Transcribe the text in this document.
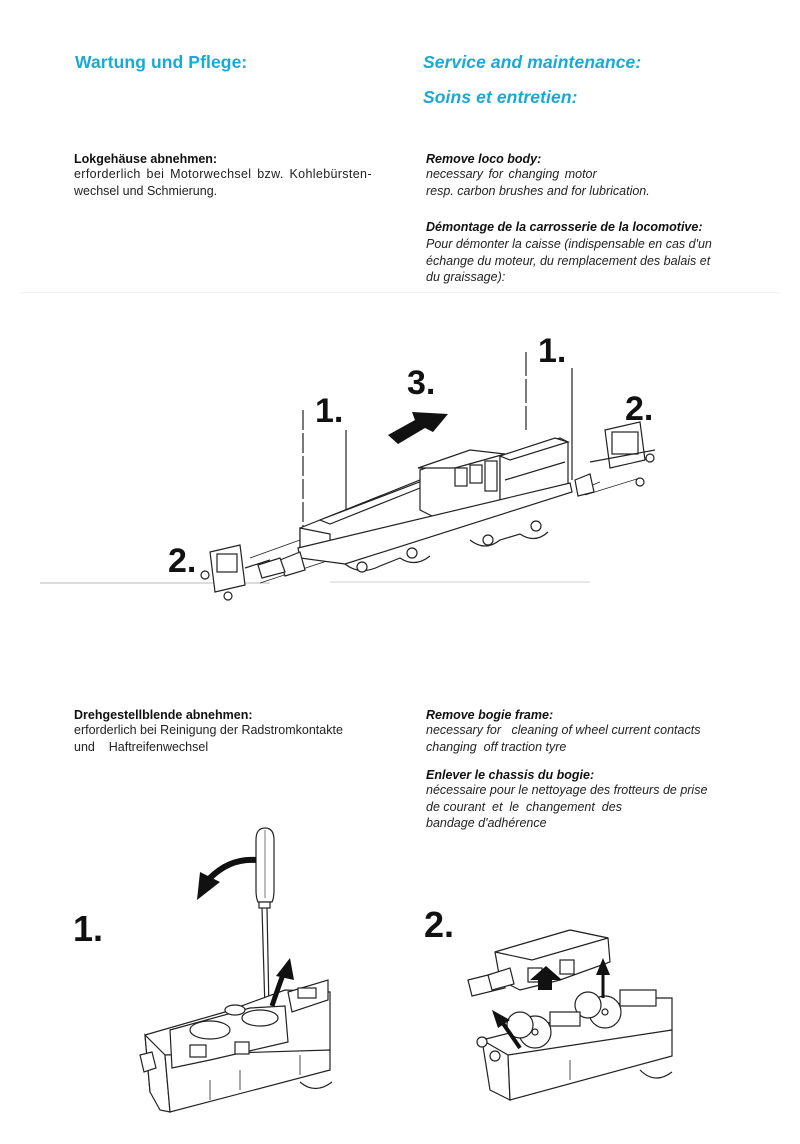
Wartung und Pflege:	Service and maintenance:
Soins et entretien:
Lokgehäuse abnehmen:
erforderlich bei Motorwechsel bzw. Kohlebürsten-
wechsel und Schmierung.
Remove loco body:
necessary for changing motor
resp. carbon brushes and for lubrication.
Démontage de la carrosserie de la locomotive:
Pour démonter la caisse (indispensable en cas d'un
échange du moteur, du remplacement des balais et
du graissage):
1.
1.
2.
2.
3.
Drehgestellblende abnehmen:
erforderlich bei Reinigung der Radstromkontakte
und    Haftreifenwechsel
Remove bogie frame:
necessary for   cleaning of wheel current contacts
changing  off traction tyre
Enlever le chassis du bogie:
nécessaire pour le nettoyage des frotteurs de prise
de courant  et  le  changement  des
bandage d'adhérence
1.	2.
